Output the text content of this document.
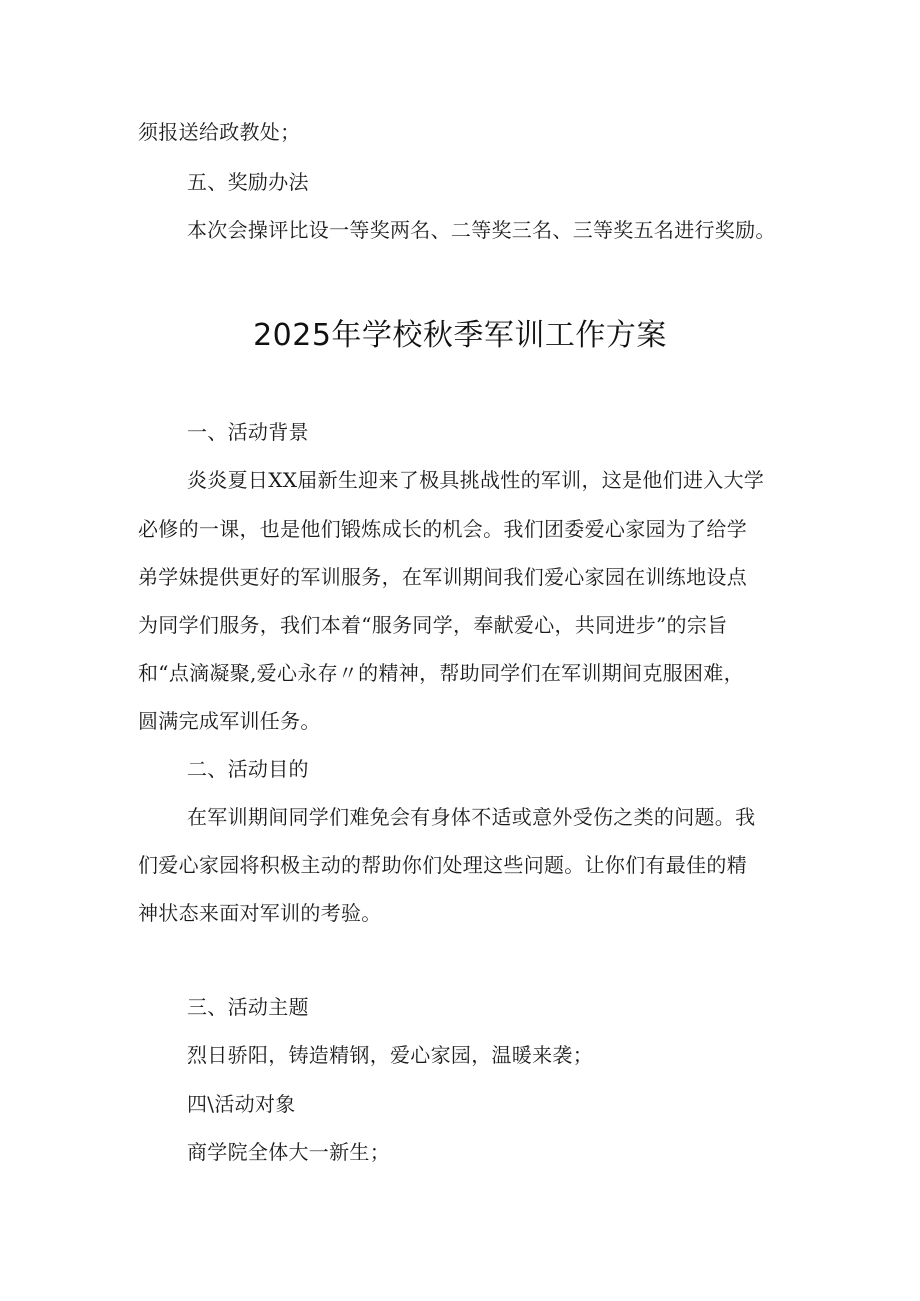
须报送给政教处；
五、奖励办法
本次会操评比设一等奖两名、二等奖三名、三等奖五名进行奖励。
2025年学校秋季军训工作方案
一、活动背景
炎炎夏日XX届新生迎来了极具挑战性的军训，这是他们进入大学
必修的一课，也是他们锻炼成长的机会。我们团委爱心家园为了给学
弟学妹提供更好的军训服务，在军训期间我们爱心家园在训练地设点
为同学们服务，我们本着“服务同学，奉献爱心，共同进步”的宗旨
和“点滴凝聚,爱心永存〃的精神，帮助同学们在军训期间克服困难，
圆满完成军训任务。
二、活动目的
在军训期间同学们难免会有身体不适或意外受伤之类的问题。我
们爱心家园将积极主动的帮助你们处理这些问题。让你们有最佳的精
神状态来面对军训的考验。
三、活动主题
烈日骄阳，铸造精钢，爱心家园，温暖来袭；
四\活动对象
商学院全体大一新生；
